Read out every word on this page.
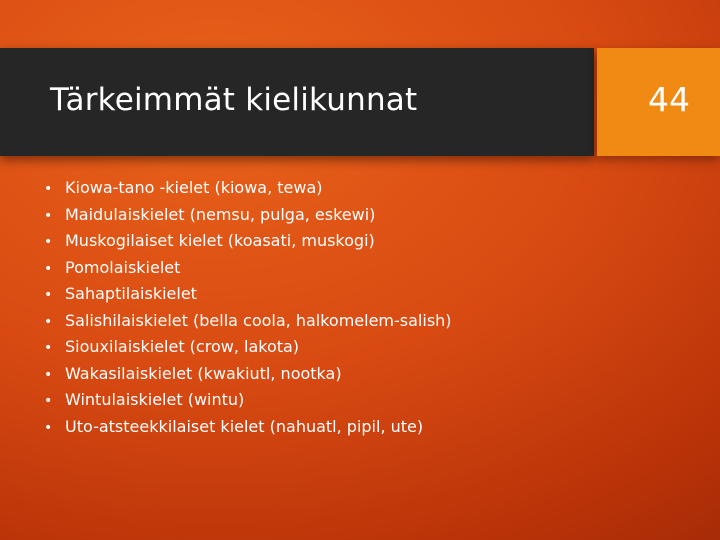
Tärkeimmät kielikunnat	44
• Kiowa-tano -kielet (kiowa, tewa)
• Maidulaiskielet (nemsu, pulga, eskewi)
• Muskogilaiset kielet (koasati, muskogi)
• Pomolaiskielet
• Sahaptilaiskielet
• Salishilaiskielet (bella coola, halkomelem-salish)
• Siouxilaiskielet (crow, lakota)
• Wakasilaiskielet (kwakiutl, nootka)
• Wintulaiskielet (wintu)
• Uto-atsteekkilaiset kielet (nahuatl, pipil, ute)
